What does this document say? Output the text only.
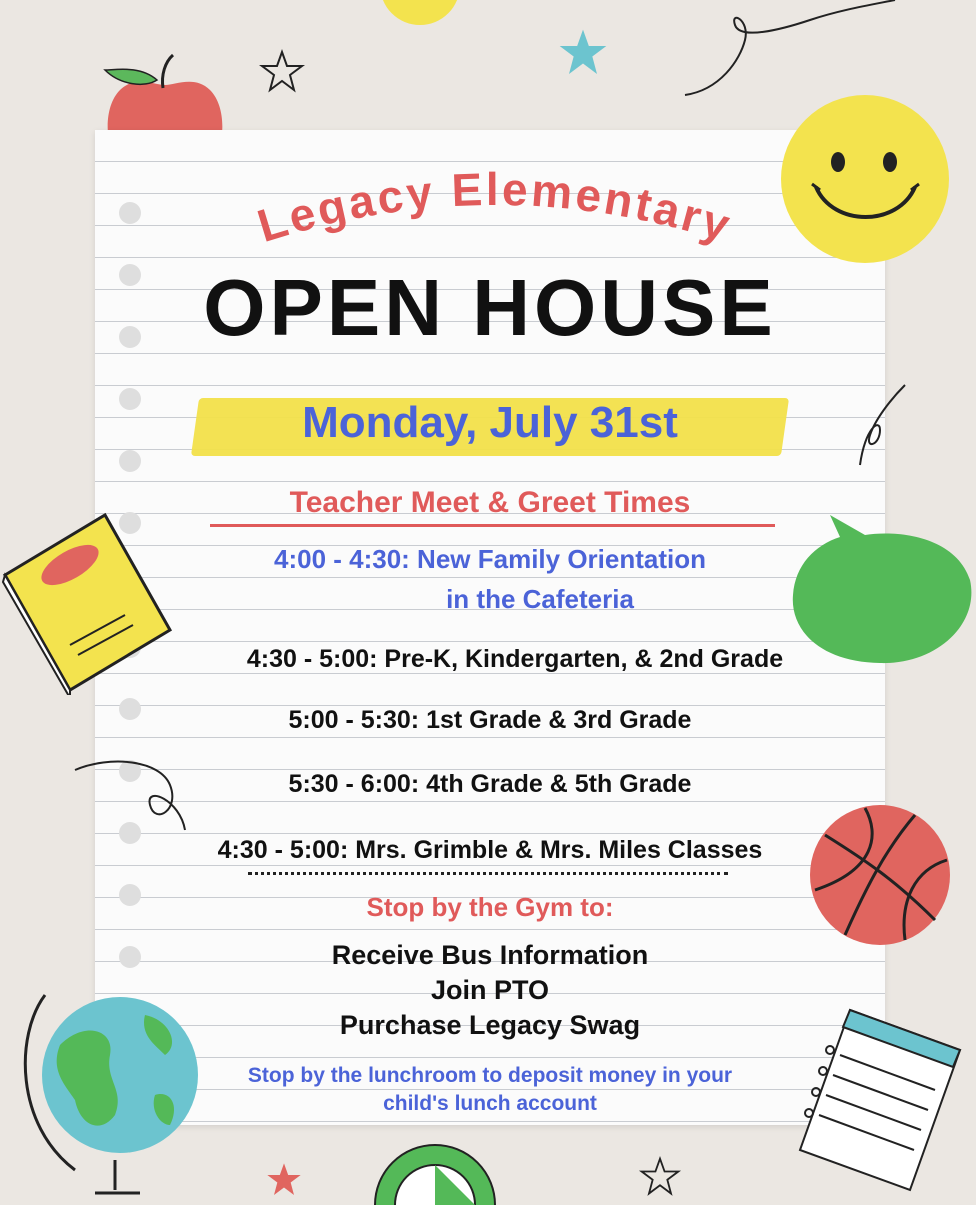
Legacy Elementary
OPEN HOUSE
Monday, July 31st
Teacher Meet & Greet Times
4:00 - 4:30: New Family Orientation
in the Cafeteria
4:30 - 5:00: Pre-K, Kindergarten, & 2nd Grade
5:00 - 5:30: 1st Grade & 3rd Grade
5:30 - 6:00: 4th Grade & 5th Grade
4:30 - 5:00: Mrs. Grimble & Mrs. Miles Classes
Stop by the Gym to:
Receive Bus Information
Join PTO
Purchase Legacy Swag
Stop by the lunchroom to deposit money in your
child's lunch account
